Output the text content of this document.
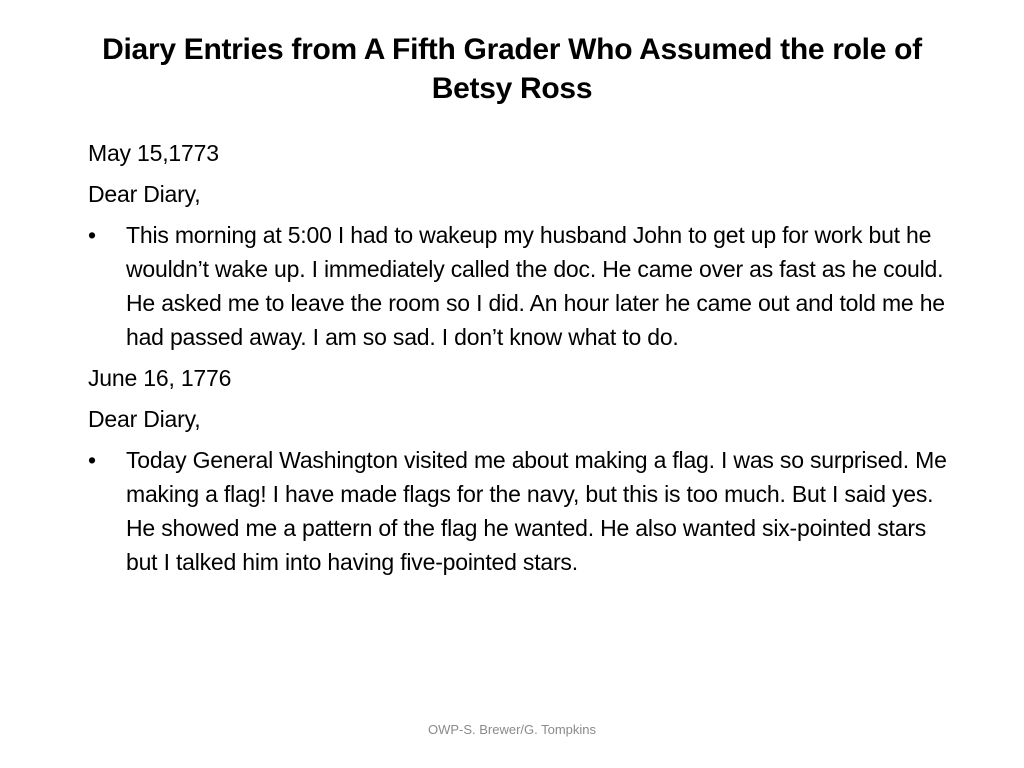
Diary Entries from A Fifth Grader Who Assumed the role of Betsy Ross
May 15,1773
Dear Diary,
• This morning at 5:00 I had to wakeup my husband John to get up for work but he wouldn’t wake up. I immediately called the doc. He came over as fast as he could. He asked me to leave the room so I did. An hour later he came out and told me he had passed away. I am so sad. I don’t know what to do.
June 16, 1776
Dear Diary,
• Today General Washington visited me about making a flag. I was so surprised. Me making a flag! I have made flags for the navy, but this is too much. But I said yes. He showed me a pattern of the flag he wanted. He also wanted six-pointed stars but I talked him into having five-pointed stars.
OWP-S. Brewer/G. Tompkins
